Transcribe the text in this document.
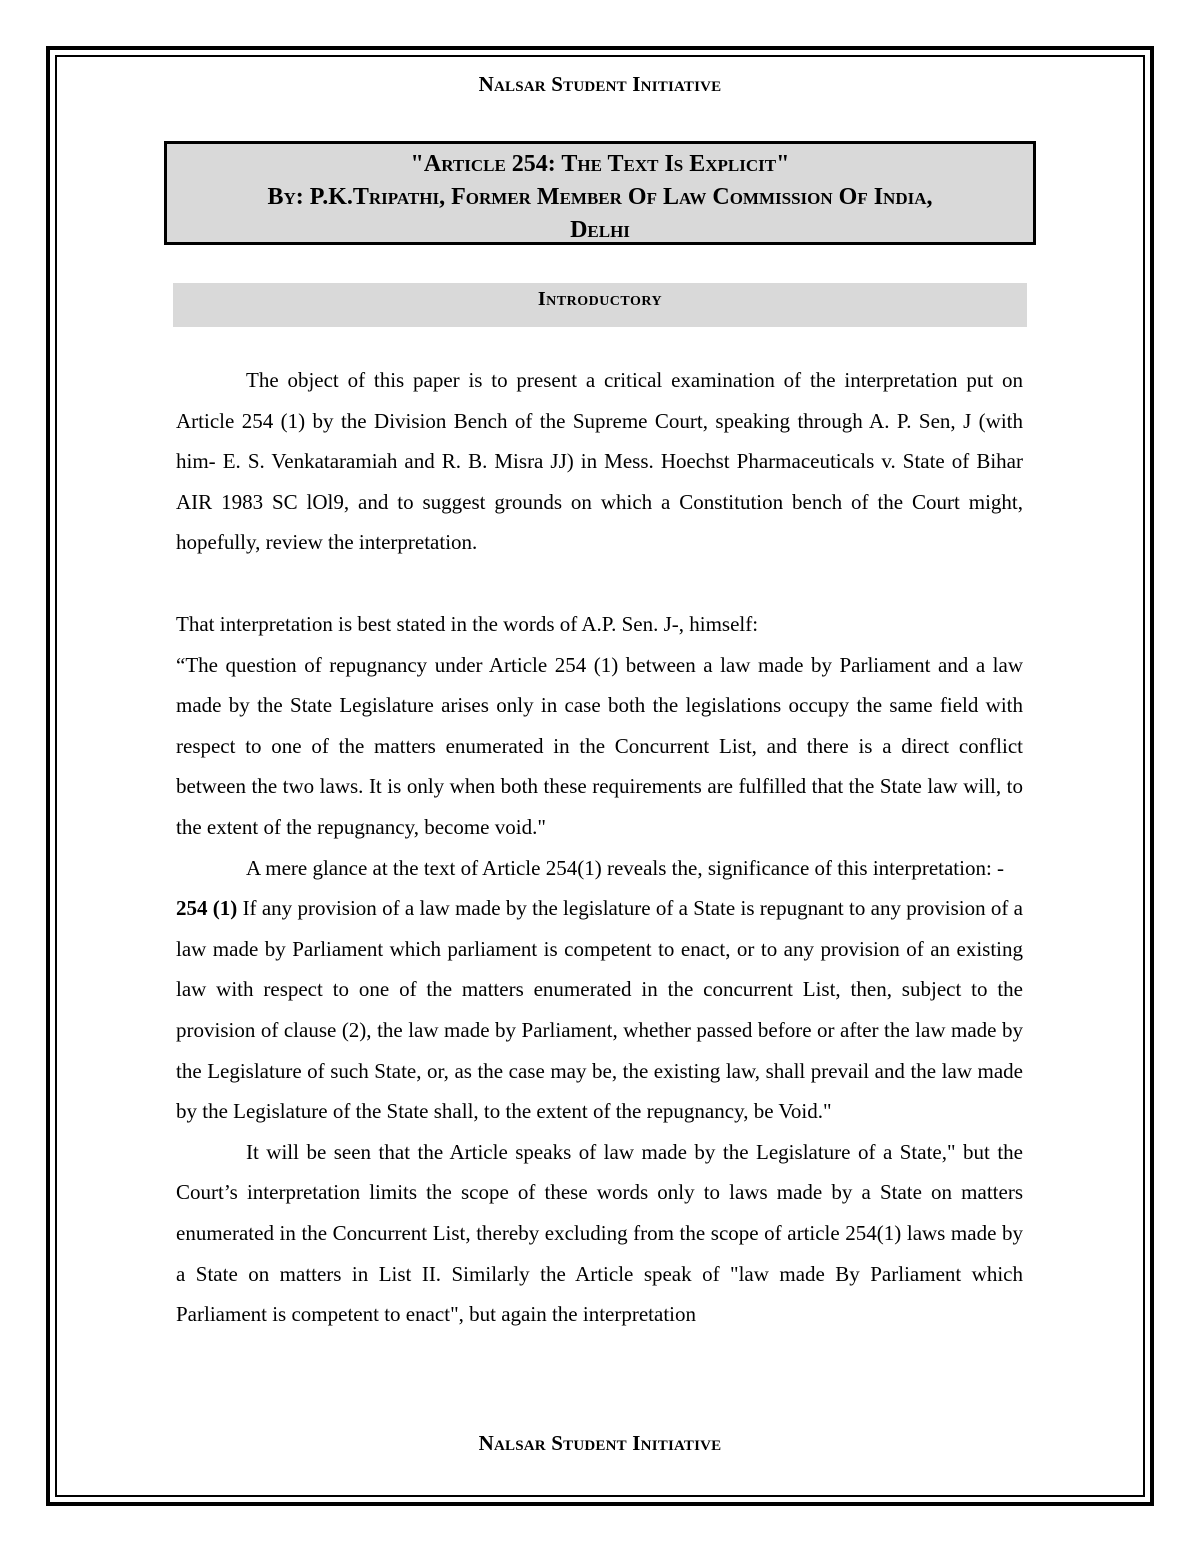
Nalsar Student Initiative
"Article 254: The Text Is Explicit"
By: P.K.Tripathi, Former Member Of Law Commission Of India,
Delhi
Introductory

The object of this paper is to present a critical examination of the interpretation put on Article 254 (1) by the Division Bench of the Supreme Court, speaking through A. P. Sen, J (with him- E. S. Venkataramiah and R. B. Misra JJ) in Mess. Hoechst Pharmaceuticals v. State of Bihar AIR 1983 SC lOl9, and to suggest grounds on which a Constitution bench of the Court might, hopefully, review the interpretation.

That interpretation is best stated in the words of A.P. Sen. J-, himself:

“The question of repugnancy under Article 254 (1) between a law made by Parliament and a law made by the State Legislature arises only in case both the legislations occupy the same field with respect to one of the matters enumerated in the Concurrent List, and there is a direct conflict between the two laws. It is only when both these requirements are fulfilled that the State law will, to the extent of the repugnancy, become void."

A mere glance at the text of Article 254(1) reveals the, significance of this interpretation: -

254 (1) If any provision of a law made by the legislature of a State is repugnant to any provision of a law made by Parliament which parliament is competent to enact, or to any provision of an existing law with respect to one of the matters enumerated in the concurrent List, then, subject to the provision of clause (2), the law made by Parliament, whether passed before or after the law made by the Legislature of such State, or, as the case may be, the existing law, shall prevail and the law made by the Legislature of the State shall, to the extent of the repugnancy, be Void."

It will be seen that the Article speaks of law made by the Legislature of a State," but the Court’s interpretation limits the scope of these words only to laws made by a State on matters enumerated in the Concurrent List, thereby excluding from the scope of article 254(1) laws made by a State on matters in List II. Similarly the Article speak of "law made By Parliament which Parliament is competent to enact", but again the interpretation

Nalsar Student Initiative
